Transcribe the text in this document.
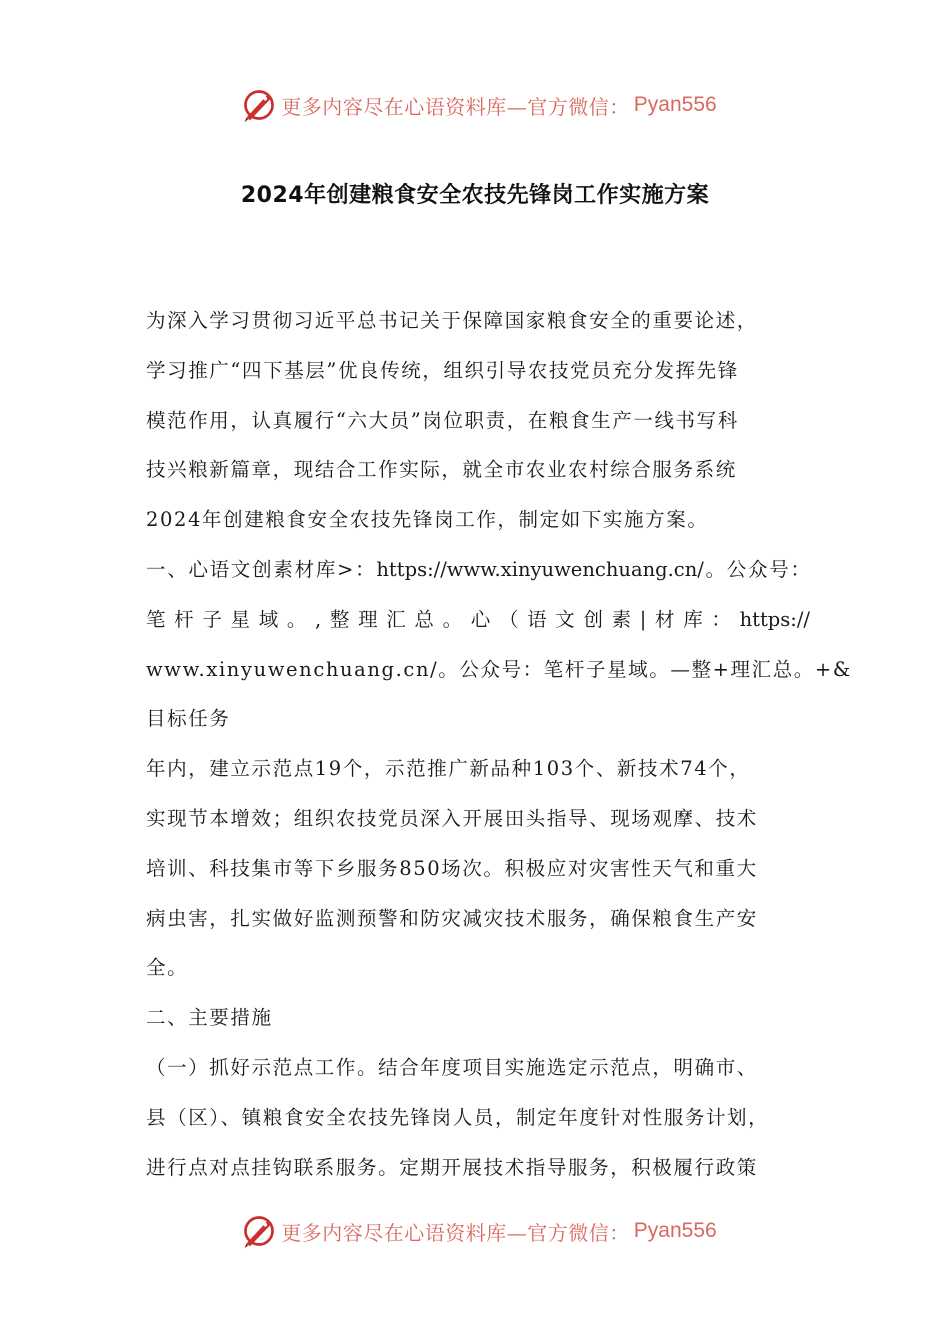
更多内容尽在心语资料库—官方微信： Pyan556
2024年创建粮食安全农技先锋岗工作实施方案
为深入学习贯彻习近平总书记关于保障国家粮食安全的重要论述，
学习推广“四下基层”优良传统，组织引导农技党员充分发挥先锋
模范作用，认真履行“六大员”岗位职责，在粮食生产一线书写科
技兴粮新篇章，现结合工作实际，就全市农业农村综合服务系统
2024年创建粮食安全农技先锋岗工作，制定如下实施方案。
一、心语文创素材库>：https://www.xinyuwenchuang.cn/。公众号：
笔杆子星域。,整理汇总。心（语文创素|材库：https://
www.xinyuwenchuang.cn/。公众号：笔杆子星域。—整+理汇总。+&
目标任务
年内，建立示范点19个，示范推广新品种103个、新技术74个，
实现节本增效；组织农技党员深入开展田头指导、现场观摩、技术
培训、科技集市等下乡服务850场次。积极应对灾害性天气和重大
病虫害，扎实做好监测预警和防灾减灾技术服务，确保粮食生产安
全。
二、主要措施
（一）抓好示范点工作。结合年度项目实施选定示范点，明确市、
县（区）、镇粮食安全农技先锋岗人员，制定年度针对性服务计划，
进行点对点挂钩联系服务。定期开展技术指导服务，积极履行政策
更多内容尽在心语资料库—官方微信： Pyan556
